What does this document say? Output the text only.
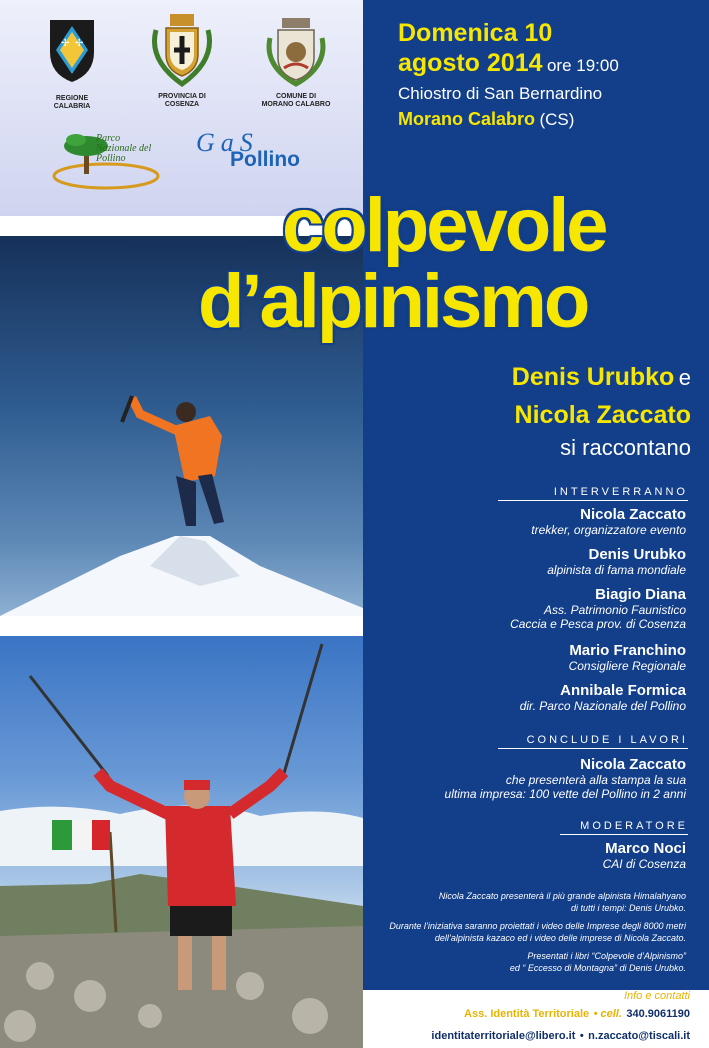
✢ ✢
REGIONE CALABRIA
PROVINCIA DI COSENZA
COMUNE DI MORANO CALABRO
Parco Nazionale del Pollino
GaS
Pollino
Domenica 10
agosto 2014 ore 19:00
Chiostro di San Bernardino
Morano Calabro (CS)
colpevole
d’alpinismo
Denis Urubko e
Nicola Zaccato
si raccontano
INTERVERRANNO
Nicola Zaccato
trekker, organizzatore evento
Denis Urubko
alpinista di fama mondiale
Biagio Diana
Ass. Patrimonio Faunistico
Caccia e Pesca prov. di Cosenza
Mario Franchino
Consigliere Regionale
Annibale Formica
dir. Parco Nazionale del Pollino
CONCLUDE I LAVORI
Nicola Zaccato
che presenterà alla stampa la sua
ultima impresa: 100 vette del Pollino in 2 anni
MODERATORE
Marco Noci
CAI di Cosenza
Nicola Zaccato presenterà il più grande alpinista Himalahyano
di tutti i tempi: Denis Urubko.
Durante l’iniziativa saranno proiettati i video delle Imprese degli 8000 metri
dell’alpinista kazaco ed i video delle imprese di Nicola Zaccato.
Presentati i libri “Colpevole d’Alpinismo”
ed “ Eccesso di Montagna” di Denis Urubko.
Info e contatti
Ass. Identità Territoriale • cell. 340.9061190
identitaterritoriale@libero.it • n.zaccato@tiscali.it
